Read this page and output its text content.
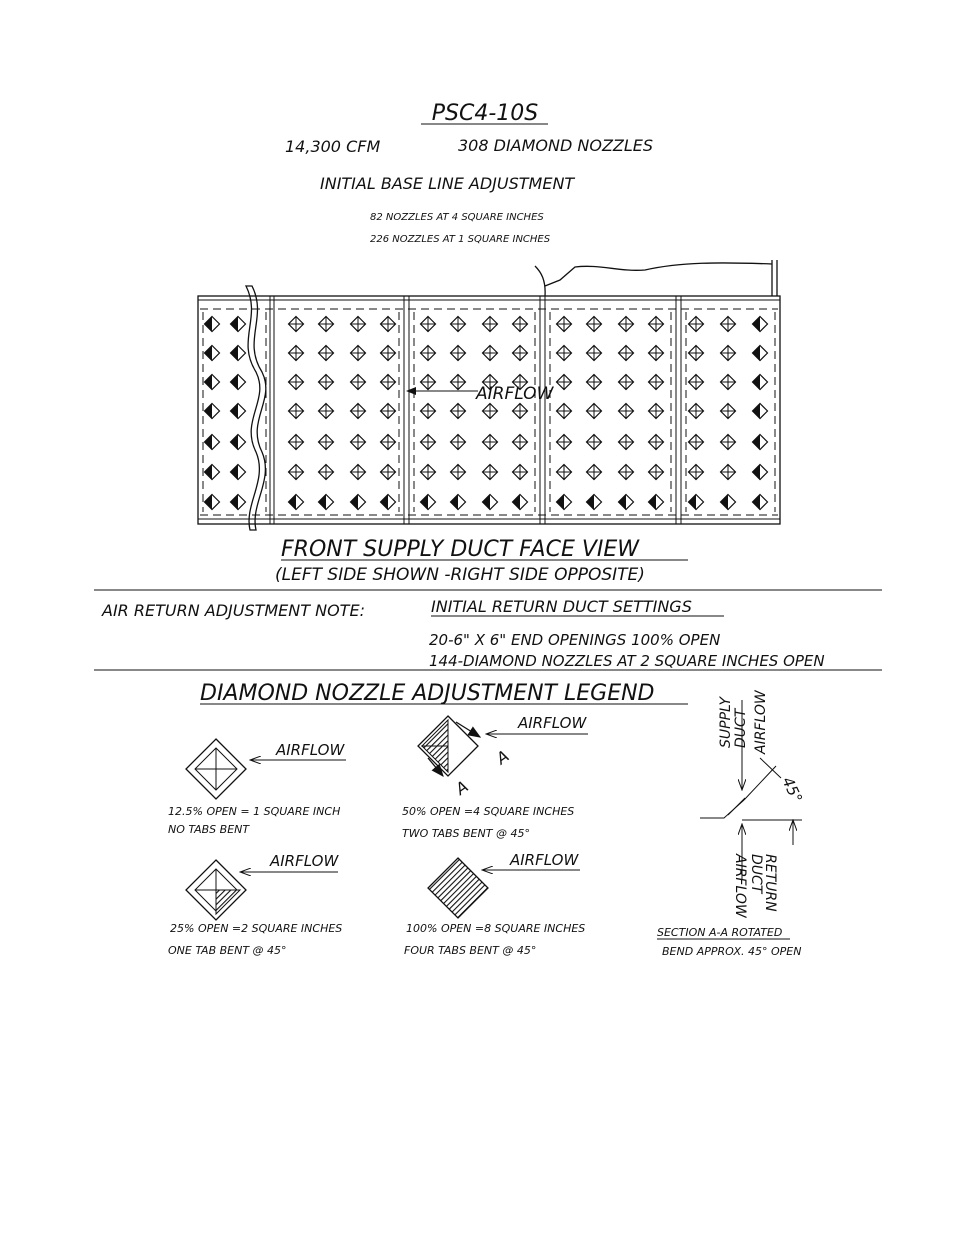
PSC4-10S
14,300 CFM	308 DIAMOND NOZZLES
INITIAL BASE LINE ADJUSTMENT
82 NOZZLES AT 4 SQUARE INCHES
226 NOZZLES AT 1 SQUARE INCHES
AIRFLOW
FRONT SUPPLY DUCT FACE VIEW
(LEFT SIDE SHOWN -RIGHT SIDE OPPOSITE)
AIR RETURN ADJUSTMENT NOTE:	INITIAL RETURN DUCT SETTINGS
20-6" X 6" END OPENINGS 100% OPEN
144-DIAMOND NOZZLES AT 2 SQUARE INCHES OPEN
DIAMOND NOZZLE ADJUSTMENT LEGEND
AIRFLOW
12.5% OPEN = 1 SQUARE INCH
NO TABS BENT
A
A
AIRFLOW
50% OPEN =4 SQUARE INCHES
TWO TABS BENT @ 45°
AIRFLOW
25% OPEN =2 SQUARE INCHES
ONE TAB BENT @ 45°
AIRFLOW
100% OPEN =8 SQUARE INCHES
FOUR TABS BENT @ 45°
SUPPLY DUCT AIRFLOW
45°
RETURN
DUCT
AIRFLOW
SECTION A-A ROTATED
BEND APPROX. 45° OPEN
